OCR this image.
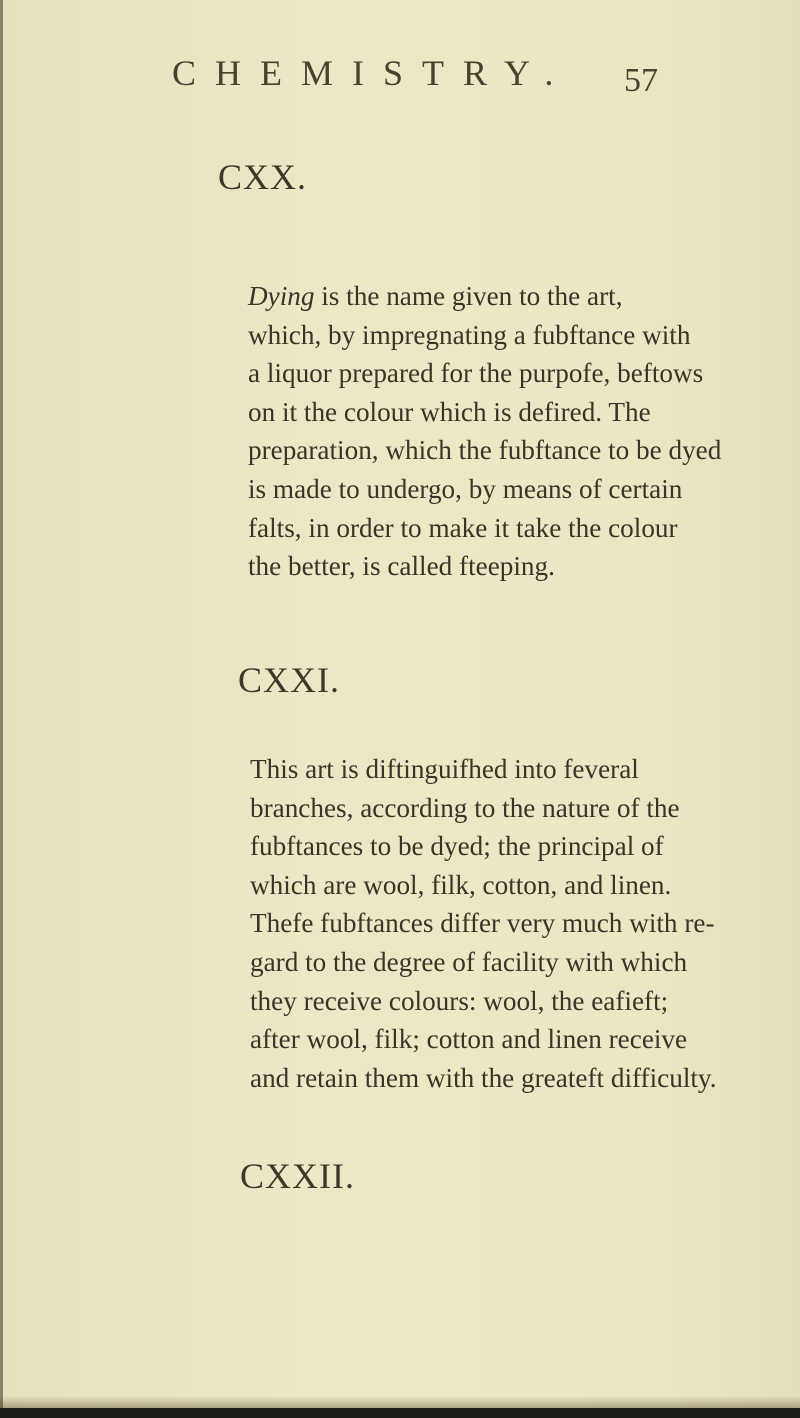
CHEMISTRY. 57
CXX.
Dying is the name given to the art,
which, by impregnating a fubftance with
a liquor prepared for the purpofe, beftows
on it the colour which is defired. The
preparation, which the fubftance to be dyed
is made to undergo, by means of certain
falts, in order to make it take the colour
the better, is called fteeping.
CXXI.
This art is diftinguifhed into feveral
branches, according to the nature of the
fubftances to be dyed; the principal of
which are wool, filk, cotton, and linen.
Thefe fubftances differ very much with re-
gard to the degree of facility with which
they receive colours: wool, the eafieft;
after wool, filk; cotton and linen receive
and retain them with the greateft difficulty.
CXXII.
